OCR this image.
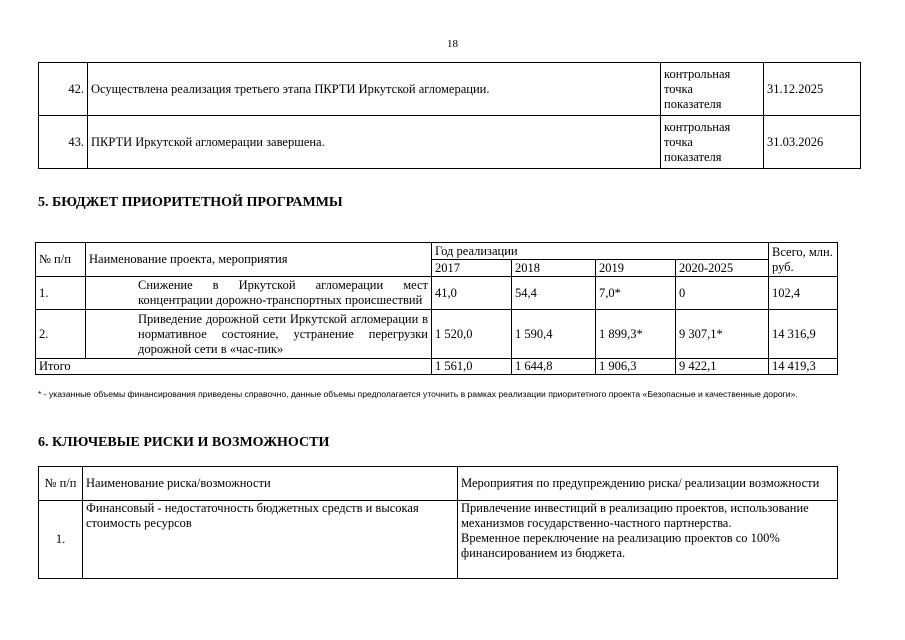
18
42.	Осуществлена реализация третьего этапа ПКРТИ Иркутской агломерации.	контрольная
точка
показателя	31.12.2025
43.	ПКРТИ Иркутской агломерации завершена.	контрольная
точка
показателя	31.03.2026
5. БЮДЖЕТ ПРИОРИТЕТНОЙ ПРОГРАММЫ
№ п/п	Наименование проекта, мероприятия	Год реализации				Всего, млн. руб.
		2017	2018	2019	2020-2025	
1.	Снижение в Иркутской агломерации мест концентрации дорожно-транспортных происшествий	41,0	54,4	7,0*	0	102,4
2.	Приведение дорожной сети Иркутской агломерации в нормативное состояние, устранение перегрузки дорожной сети в «час-пик»	1 520,0	1 590,4	1 899,3*	9 307,1*	14 316,9
Итого		1 561,0	1 644,8	1 906,3	9 422,1	14 419,3
* - указанные объемы финансирования приведены справочно, данные объемы предполагается уточнить в рамках реализации приоритетного проекта «Безопасные и качественные дороги».
6. КЛЮЧЕВЫЕ РИСКИ И ВОЗМОЖНОСТИ
№ п/п	Наименование риска/возможности	Мероприятия по предупреждению риска/ реализации возможности
1.	Финансовый - недостаточность бюджетных средств и высокая стоимость ресурсов	Привлечение инвестиций в реализацию проектов, использование механизмов государственно-частного партнерства.
Временное переключение на реализацию проектов со 100% финансированием из бюджета.
